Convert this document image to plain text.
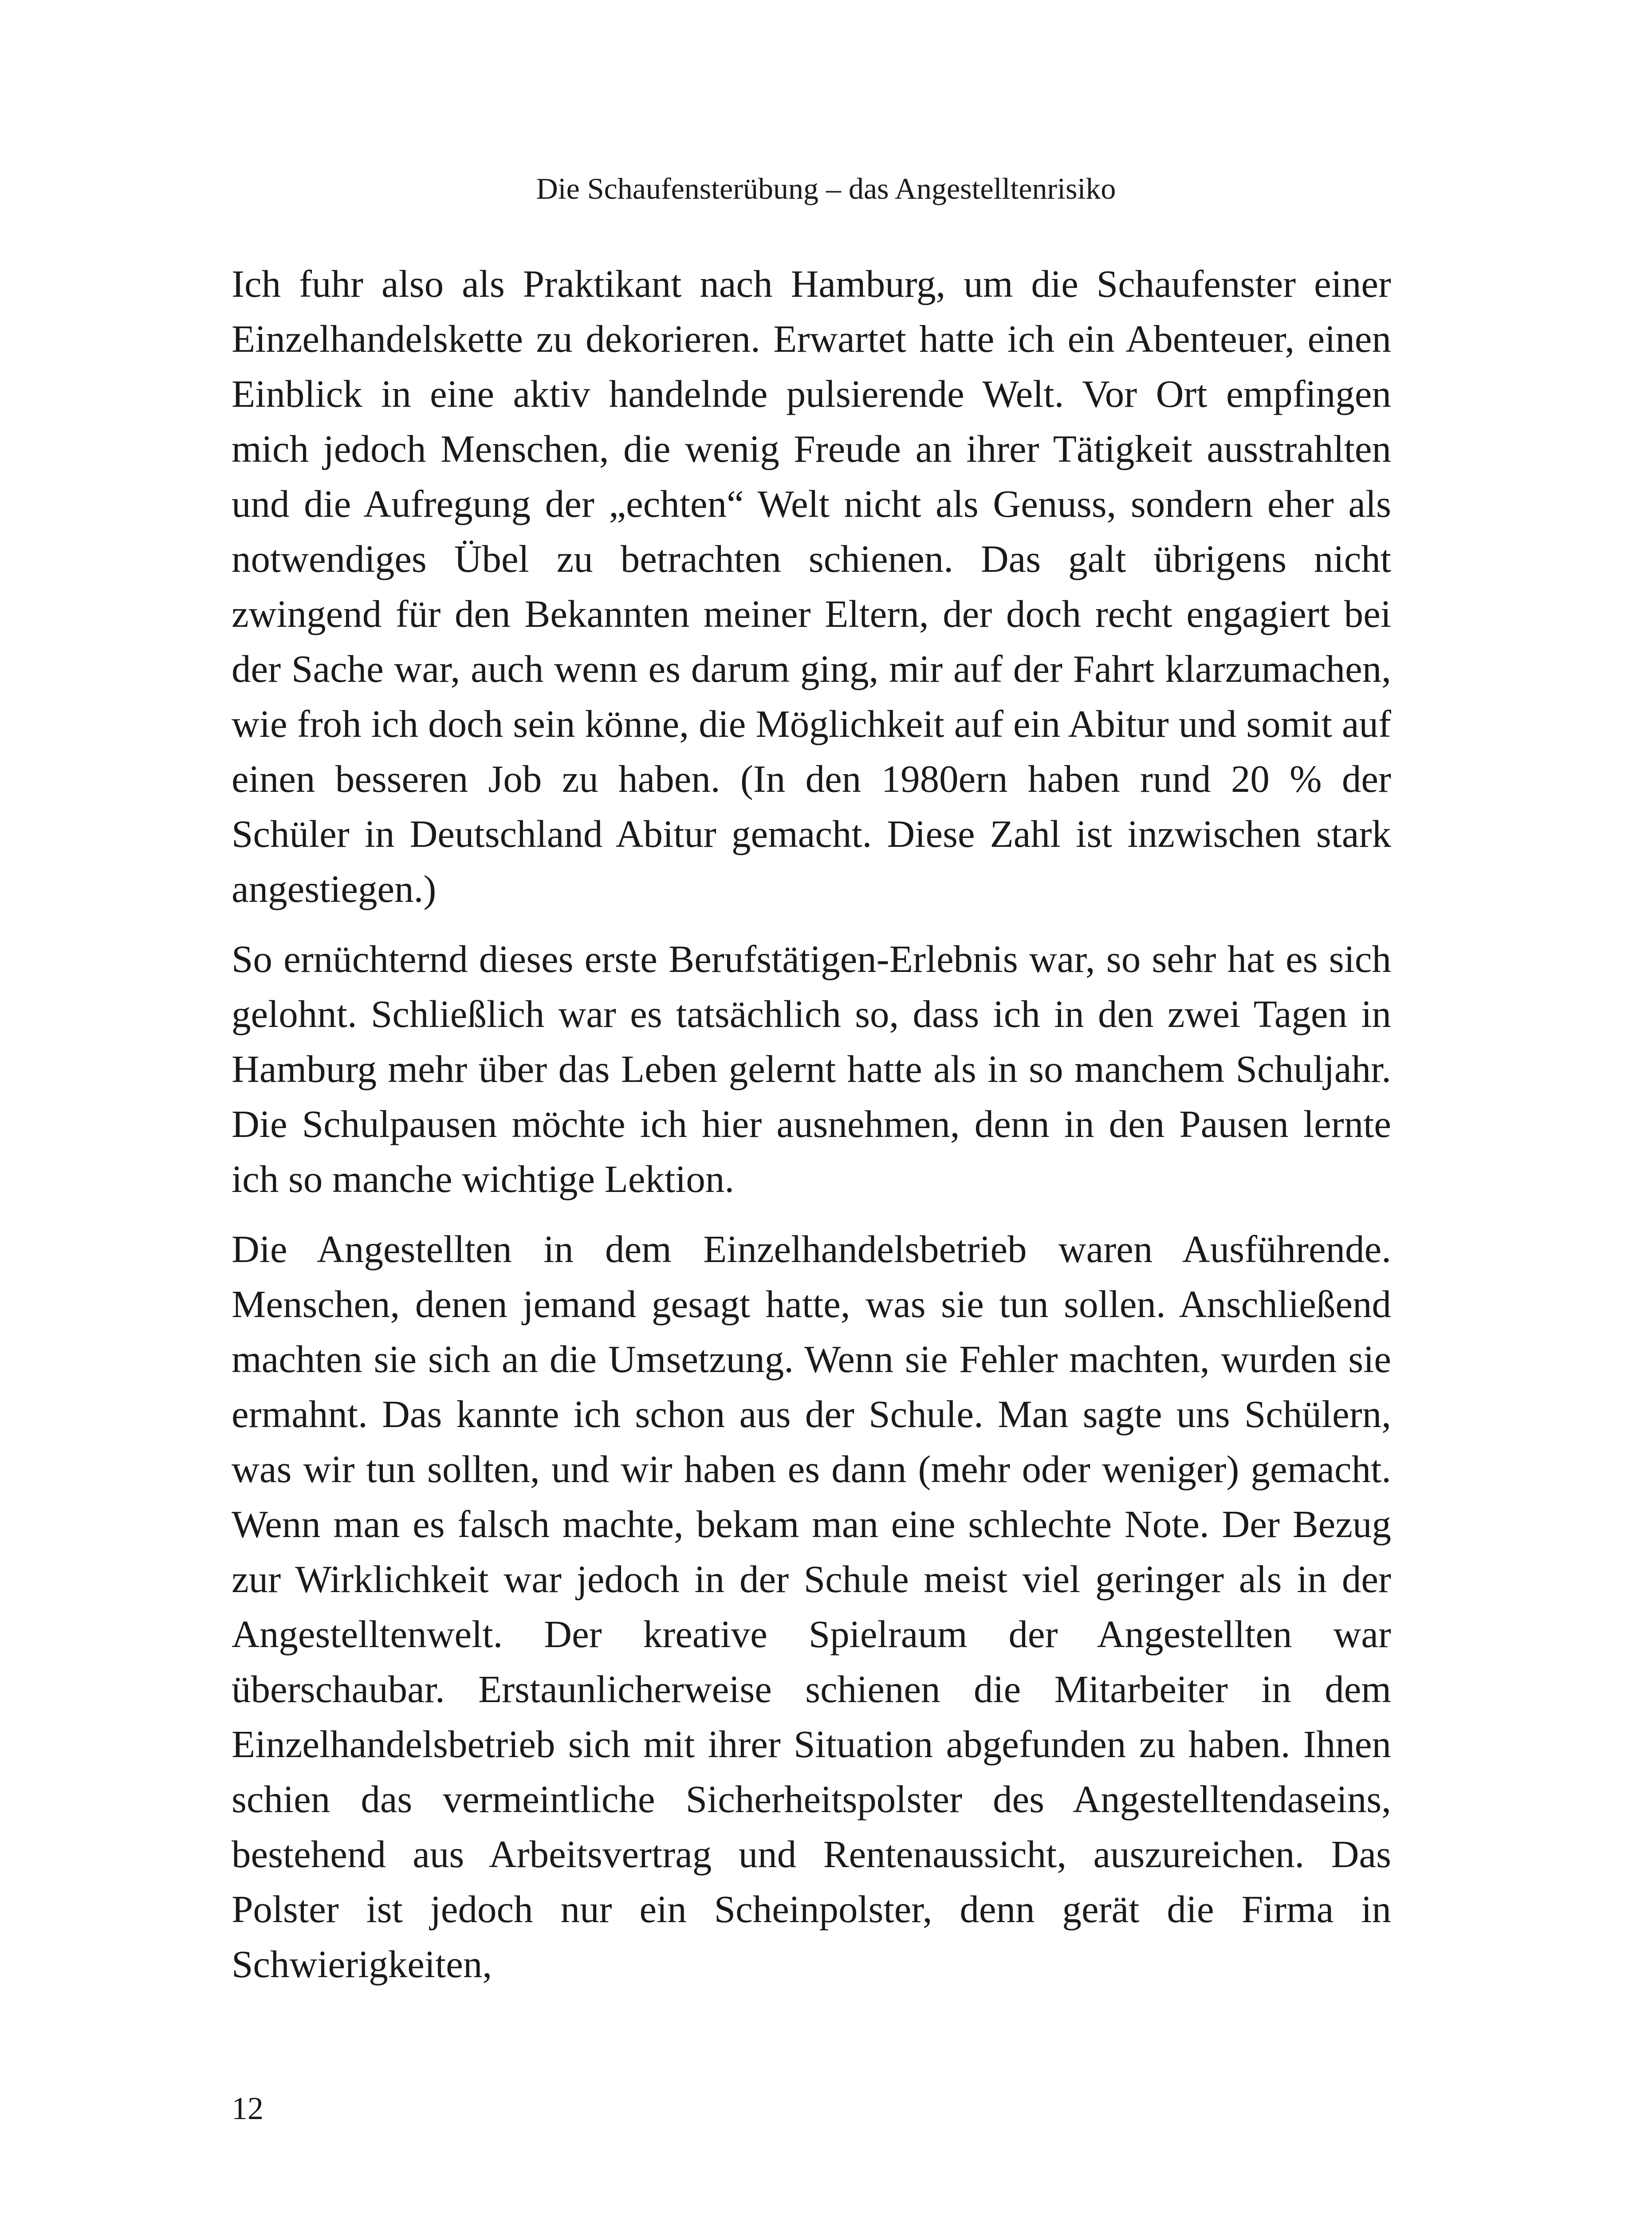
Die Schaufensterübung – das Angestelltenrisiko

Ich fuhr also als Praktikant nach Hamburg, um die Schaufenster einer Einzelhandelskette zu dekorieren. Erwartet hatte ich ein Abenteuer, einen Einblick in eine aktiv handelnde pulsierende Welt. Vor Ort empfingen mich jedoch Menschen, die wenig Freude an ihrer Tätigkeit ausstrahlten und die Aufregung der „echten“ Welt nicht als Genuss, sondern eher als notwendiges Übel zu betrachten schienen. Das galt übrigens nicht zwingend für den Bekannten meiner Eltern, der doch recht engagiert bei der Sache war, auch wenn es darum ging, mir auf der Fahrt klarzumachen, wie froh ich doch sein könne, die Möglichkeit auf ein Abitur und somit auf einen besseren Job zu haben. (In den 1980ern haben rund 20 % der Schüler in Deutschland Abitur gemacht. Diese Zahl ist inzwischen stark angestiegen.)

So ernüchternd dieses erste Berufstätigen-Erlebnis war, so sehr hat es sich gelohnt. Schließlich war es tatsächlich so, dass ich in den zwei Tagen in Hamburg mehr über das Leben gelernt hatte als in so manchem Schuljahr. Die Schulpausen möchte ich hier ausnehmen, denn in den Pausen lernte ich so manche wichtige Lektion.

Die Angestellten in dem Einzelhandelsbetrieb waren Ausführende. Menschen, denen jemand gesagt hatte, was sie tun sollen. Anschließend machten sie sich an die Umsetzung. Wenn sie Fehler machten, wurden sie ermahnt. Das kannte ich schon aus der Schule. Man sagte uns Schülern, was wir tun sollten, und wir haben es dann (mehr oder weniger) gemacht. Wenn man es falsch machte, bekam man eine schlechte Note. Der Bezug zur Wirklichkeit war jedoch in der Schule meist viel geringer als in der Angestelltenwelt. Der kreative Spielraum der Angestellten war überschaubar. Erstaunlicherweise schienen die Mitarbeiter in dem Einzelhandelsbetrieb sich mit ihrer Situation abgefunden zu haben. Ihnen schien das vermeintliche Sicherheitspolster des Angestelltendaseins, bestehend aus Arbeitsvertrag und Rentenaussicht, auszureichen. Das Polster ist jedoch nur ein Scheinpolster, denn gerät die Firma in Schwierigkeiten,

12
